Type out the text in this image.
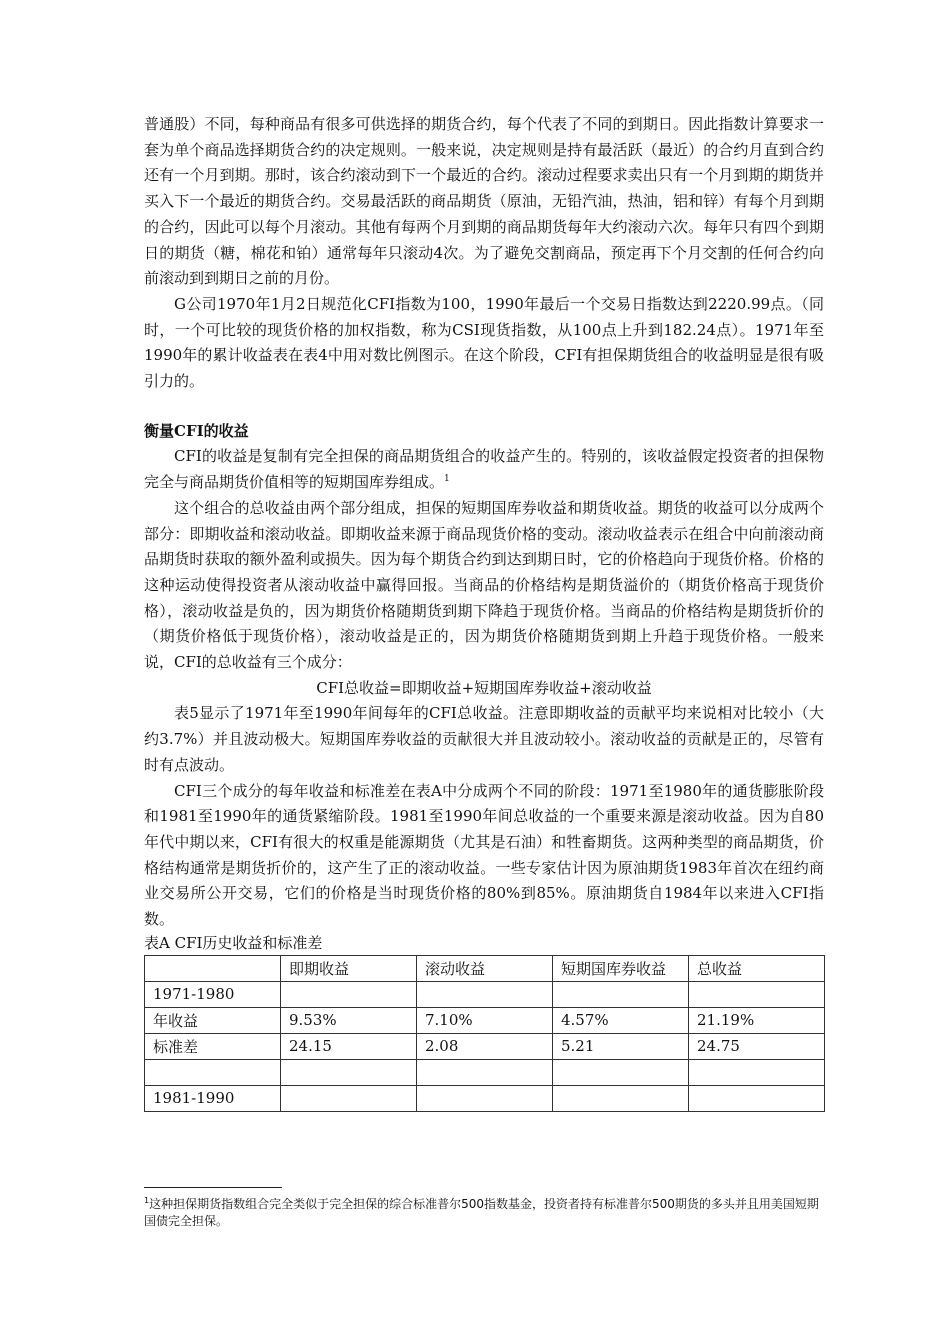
普通股）不同，每种商品有很多可供选择的期货合约，每个代表了不同的到期日。因此指数计算要求一套为单个商品选择期货合约的决定规则。一般来说，决定规则是持有最活跃（最近）的合约月直到合约还有一个月到期。那时，该合约滚动到下一个最近的合约。滚动过程要求卖出只有一个月到期的期货并买入下一个最近的期货合约。交易最活跃的商品期货（原油，无铅汽油，热油，铝和锌）有每个月到期的合约，因此可以每个月滚动。其他有每两个月到期的商品期货每年大约滚动六次。每年只有四个到期日的期货（糖，棉花和铂）通常每年只滚动4次。为了避免交割商品，预定再下个月交割的任何合约向前滚动到到期日之前的月份。

G公司1970年1月2日规范化CFI指数为100，1990年最后一个交易日指数达到2220.99点。（同时，一个可比较的现货价格的加权指数，称为CSI现货指数，从100点上升到182.24点）。1971年至1990年的累计收益表在表4中用对数比例图示。在这个阶段，CFI有担保期货组合的收益明显是很有吸引力的。

衡量CFI的收益

CFI的收益是复制有完全担保的商品期货组合的收益产生的。特别的，该收益假定投资者的担保物完全与商品期货价值相等的短期国库券组成。$^1$

这个组合的总收益由两个部分组成，担保的短期国库券收益和期货收益。期货的收益可以分成两个部分：即期收益和滚动收益。即期收益来源于商品现货价格的变动。滚动收益表示在组合中向前滚动商品期货时获取的额外盈利或损失。因为每个期货合约到达到期日时，它的价格趋向于现货价格。价格的这种运动使得投资者从滚动收益中赢得回报。当商品的价格结构是期货溢价的（期货价格高于现货价格），滚动收益是负的，因为期货价格随期货到期下降趋于现货价格。当商品的价格结构是期货折价的（期货价格低于现货价格），滚动收益是正的，因为期货价格随期货到期上升趋于现货价格。一般来说，CFI的总收益有三个成分：

CFI总收益=即期收益+短期国库券收益+滚动收益

表5显示了1971年至1990年间每年的CFI总收益。注意即期收益的贡献平均来说相对比较小（大约3.7%）并且波动极大。短期国库券收益的贡献很大并且波动较小。滚动收益的贡献是正的，尽管有时有点波动。

CFI三个成分的每年收益和标准差在表A中分成两个不同的阶段：1971至1980年的通货膨胀阶段和1981至1990年的通货紧缩阶段。1981至1990年间总收益的一个重要来源是滚动收益。因为自80年代中期以来，CFI有很大的权重是能源期货（尤其是石油）和牲畜期货。这两种类型的商品期货，价格结构通常是期货折价的，这产生了正的滚动收益。一些专家估计因为原油期货1983年首次在纽约商业交易所公开交易，它们的价格是当时现货价格的80%到85%。原油期货自1984年以来进入CFI指数。

表A CFI历史收益和标准差

	即期收益	滚动收益	短期国库券收益	总收益
1971-1980				
年收益	9.53%	7.10%	4.57%	21.19%
标准差	24.15	2.08	5.21	24.75

1981-1990				

$^1$这种担保期货指数组合完全类似于完全担保的综合标准普尔500指数基金，投资者持有标准普尔500期货的多头并且用美国短期国债完全担保。
